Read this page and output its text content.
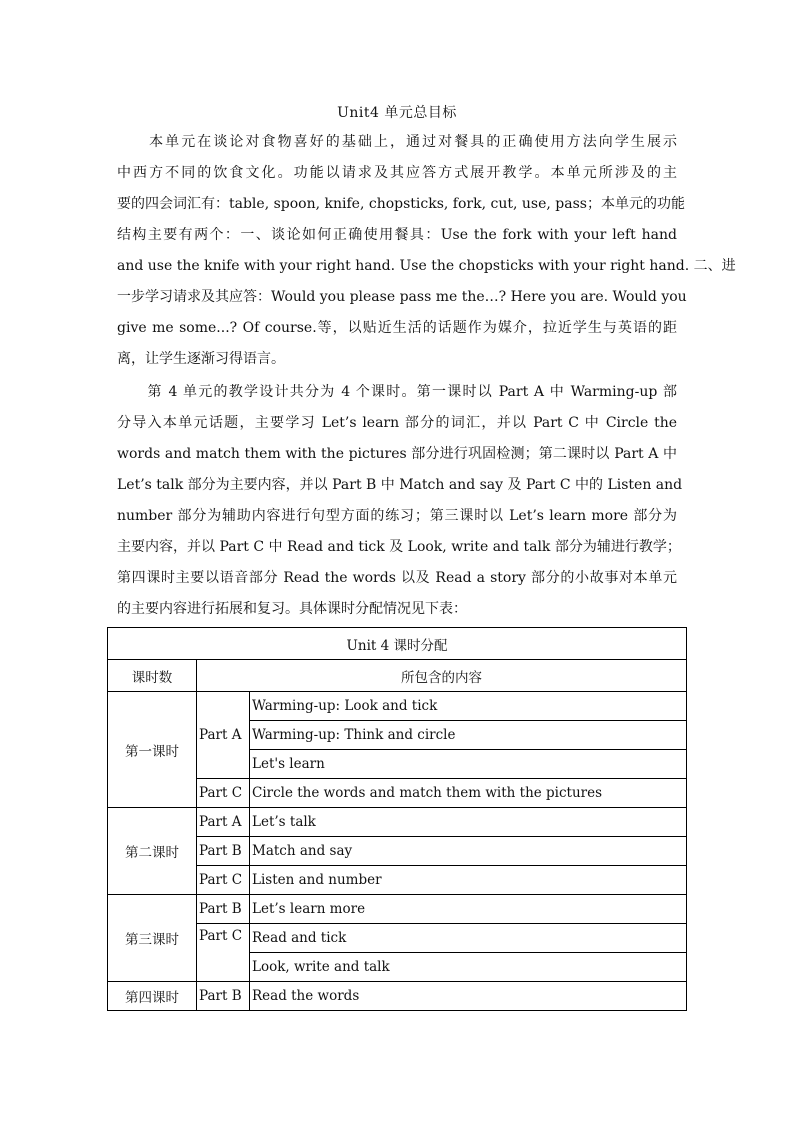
Unit4 单元总目标
　　本单元在谈论对食物喜好的基础上，通过对餐具的正确使用方法向学生展示
中西方不同的饮食文化。功能以请求及其应答方式展开教学。本单元所涉及的主
要的四会词汇有：table, spoon, knife, chopsticks, fork, cut, use, pass；本单元的功能
结构主要有两个：一、谈论如何正确使用餐具：Use the fork with your left hand
and use the knife with your right hand. Use the chopsticks with your right hand. 二、进
一步学习请求及其应答：Would you please pass me the…? Here you are. Would you
give me some...? Of course.等，以贴近生活的话题作为媒介，拉近学生与英语的距
离，让学生逐渐习得语言。
　　第 4 单元的教学设计共分为 4 个课时。第一课时以 Part A 中 Warming-up 部
分导入本单元话题，主要学习 Let’s learn 部分的词汇，并以 Part C 中 Circle the
words and match them with the pictures 部分进行巩固检测；第二课时以 Part A 中
Let’s talk 部分为主要内容，并以 Part B 中 Match and say 及 Part C 中的 Listen and
number 部分为辅助内容进行句型方面的练习；第三课时以 Let’s learn more 部分为
主要内容，并以 Part C 中 Read and tick 及 Look, write and talk 部分为辅进行教学；
第四课时主要以语音部分 Read the words 以及 Read a story 部分的小故事对本单元
的主要内容进行拓展和复习。具体课时分配情况见下表：
Unit 4 课时分配		
课时数	所包含的内容	
第一课时	Part A	Warming-up: Look and tick
		Warming-up: Think and circle
		Let's learn
	Part C	Circle the words and match them with the pictures
第二课时	Part A	Let’s talk
	Part B	Match and say
	Part C	Listen and number
第三课时	Part B	Let’s learn more
	Part C	Read and tick
		Look, write and talk
第四课时	Part B	Read the words
